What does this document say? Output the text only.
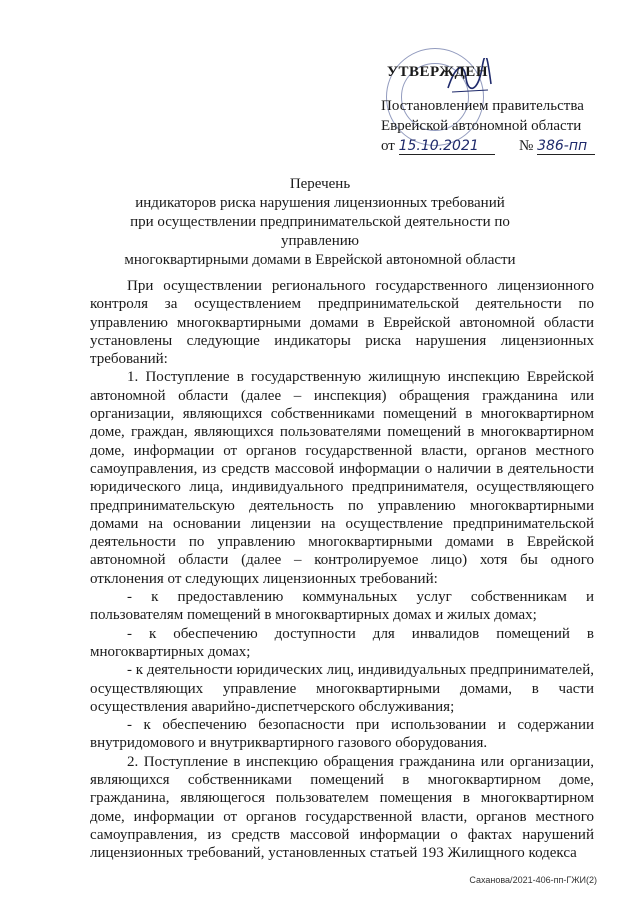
УТВЕРЖДЕН
Постановлением правительства
Еврейской автономной области
от 15.10.2021	№ 386-пп
Перечень
индикаторов риска нарушения лицензионных требований
при осуществлении предпринимательской деятельности по управлению
многоквартирными домами в Еврейской автономной области

При осуществлении регионального государственного лицензионного контроля за осуществлением предпринимательской деятельности по управлению многоквартирными домами в Еврейской автономной области установлены следующие индикаторы риска нарушения лицензионных требований:

1. Поступление в государственную жилищную инспекцию Еврейской автономной области (далее – инспекция) обращения гражданина или организации, являющихся собственниками помещений в многоквартирном доме, граждан, являющихся пользователями помещений в многоквартирном доме, информации от органов государственной власти, органов местного самоуправления, из средств массовой информации о наличии в деятельности юридического лица, индивидуального предпринимателя, осуществляющего предпринимательскую деятельность по управлению многоквартирными домами на основании лицензии на осуществление предпринимательской деятельности по управлению многоквартирными домами в Еврейской автономной области (далее – контролируемое лицо) хотя бы одного отклонения от следующих лицензионных требований:

- к предоставлению коммунальных услуг собственникам и пользователям помещений в многоквартирных домах и жилых домах;

- к обеспечению доступности для инвалидов помещений в многоквартирных домах;

- к деятельности юридических лиц, индивидуальных предпринимателей, осуществляющих управление многоквартирными домами, в части осуществления аварийно-диспетчерского обслуживания;

- к обеспечению безопасности при использовании и содержании внутридомового и внутриквартирного газового оборудования.

2. Поступление в инспекцию обращения гражданина или организации, являющихся собственниками помещений в многоквартирном доме, гражданина, являющегося пользователем помещения в многоквартирном доме, информации от органов государственной власти, органов местного самоуправления, из средств массовой информации о фактах нарушений лицензионных требований, установленных статьей 193 Жилищного кодекса

Саханова/2021-406-пп-ГЖИ(2)
